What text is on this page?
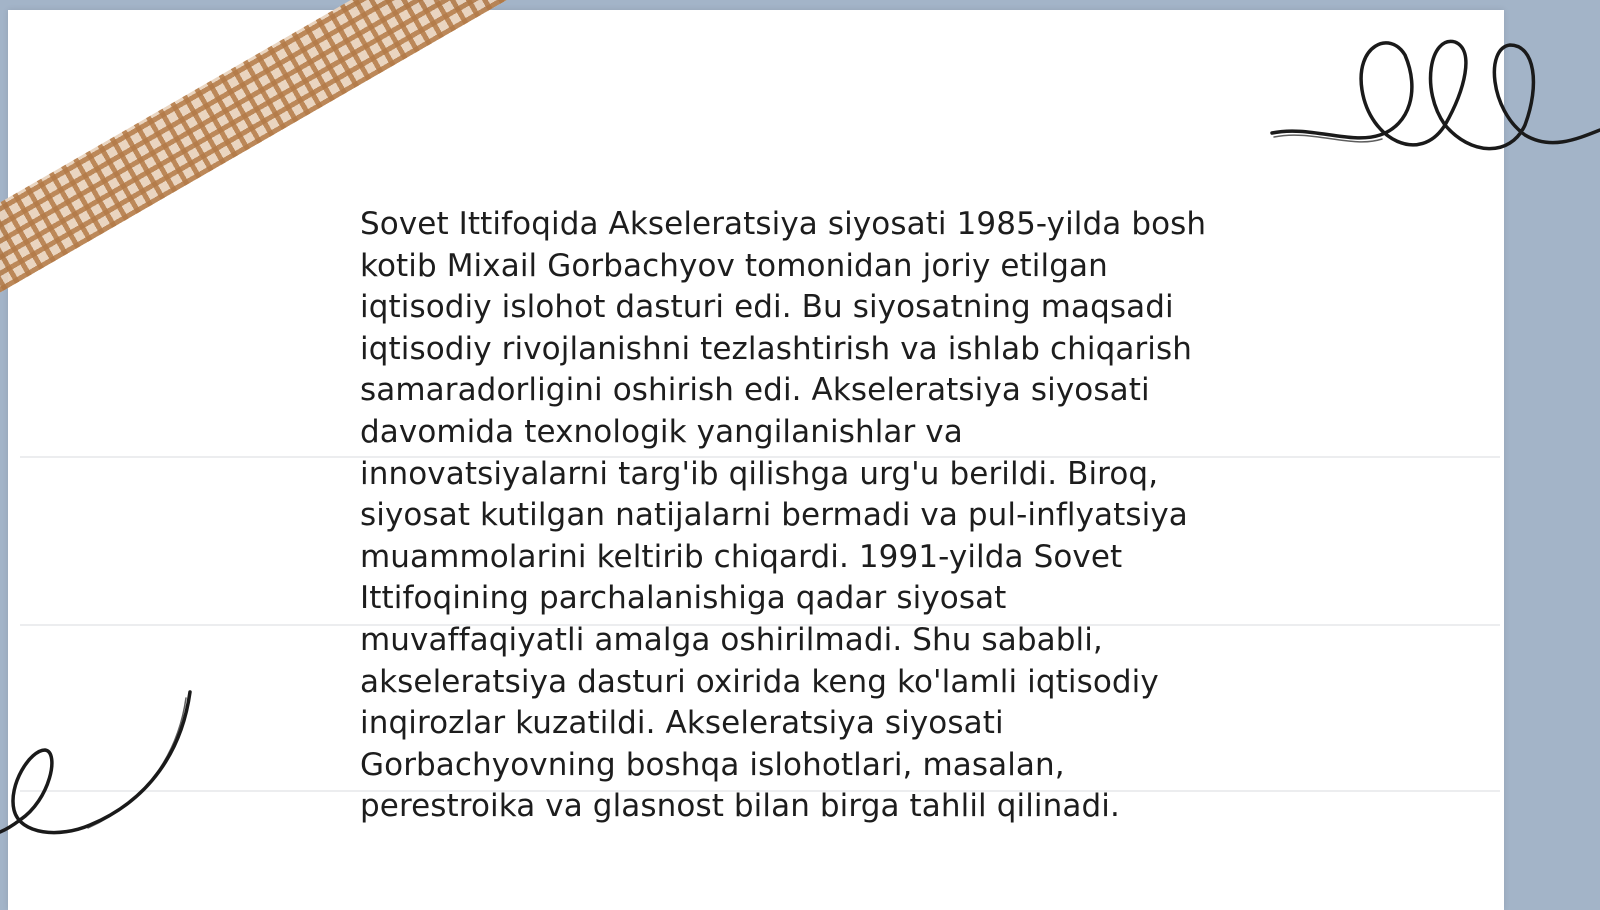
Sovet Ittifoqida Akseleratsiya siyosati 1985-yilda bosh
kotib Mixail Gorbachyov tomonidan joriy etilgan
iqtisodiy islohot dasturi edi. Bu siyosatning maqsadi
iqtisodiy rivojlanishni tezlashtirish va ishlab chiqarish
samaradorligini oshirish edi. Akseleratsiya siyosati
davomida texnologik yangilanishlar va
innovatsiyalarni targ'ib qilishga urg'u berildi. Biroq,
siyosat kutilgan natijalarni bermadi va pul-inflyatsiya
muammolarini keltirib chiqardi. 1991-yilda Sovet
Ittifoqining parchalanishiga qadar siyosat
muvaffaqiyatli amalga oshirilmadi. Shu sababli,
akseleratsiya dasturi oxirida keng ko'lamli iqtisodiy
inqirozlar kuzatildi. Akseleratsiya siyosati
Gorbachyovning boshqa islohotlari, masalan,
perestroika va glasnost bilan birga tahlil qilinadi.
